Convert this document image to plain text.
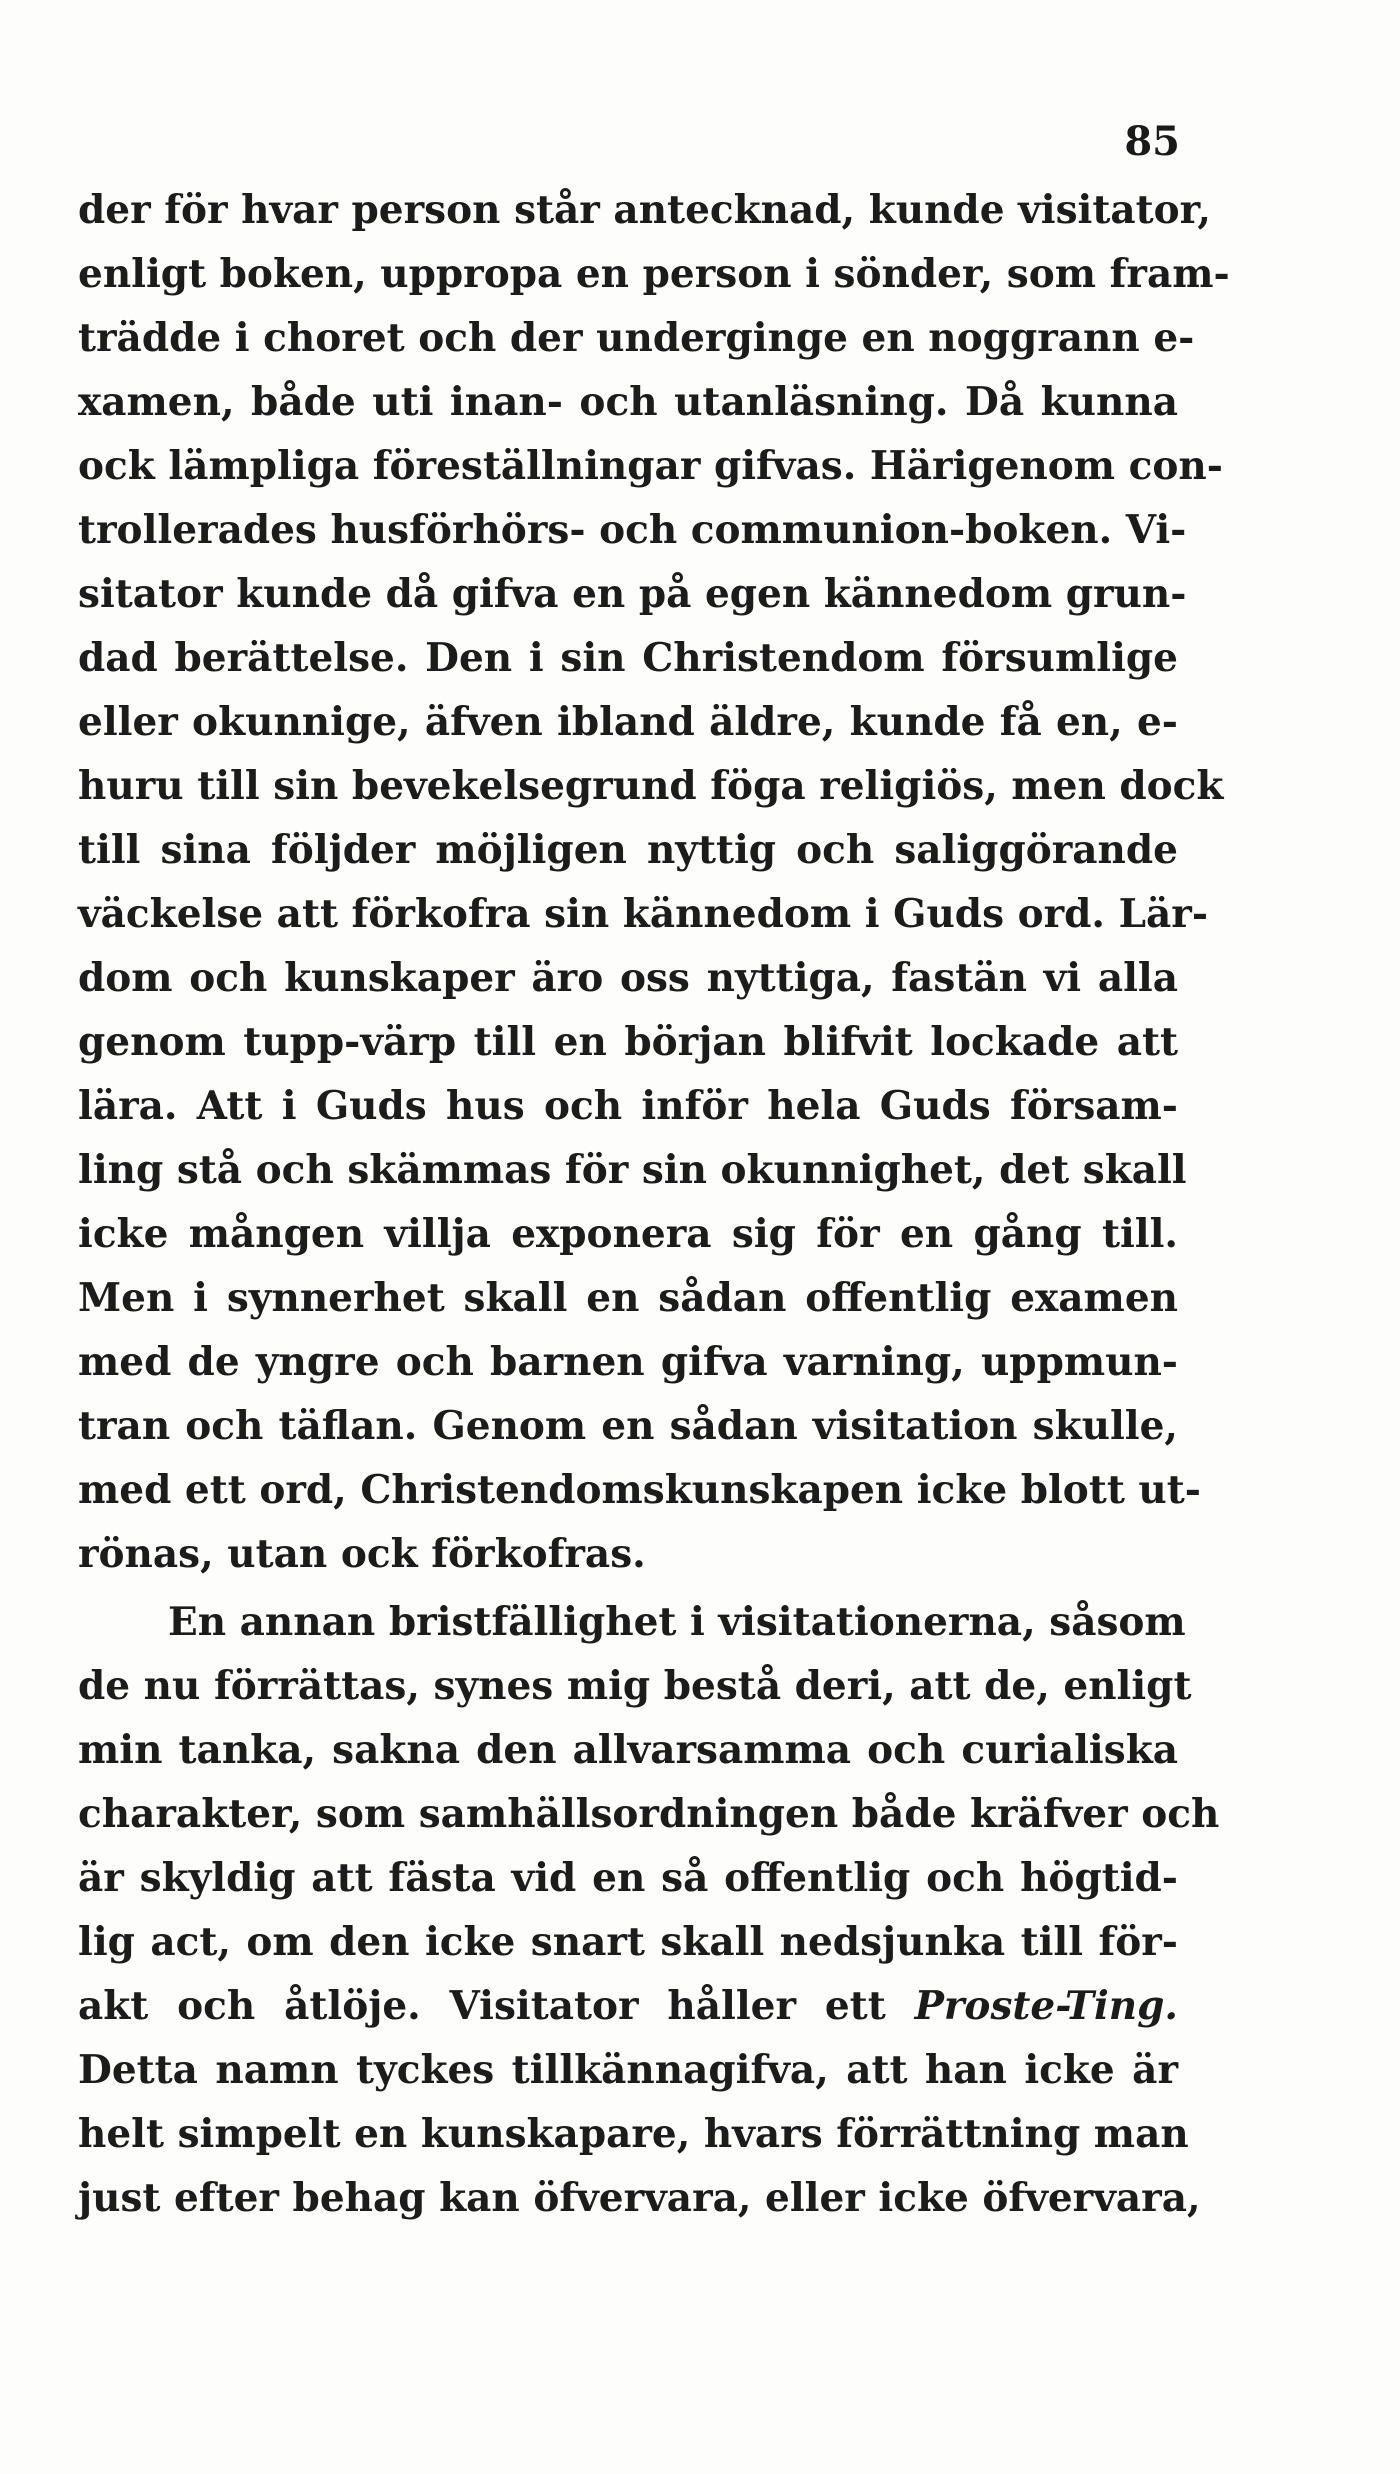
85
der för hvar person står antecknad, kunde visitator,
enligt boken, uppropa en person i sönder, som fram-
trädde i choret och der underginge en noggrann e-
xamen, både uti inan- och utanläsning. Då kunna
ock lämpliga föreställningar gifvas. Härigenom con-
trollerades husförhörs- och communion-boken. Vi-
sitator kunde då gifva en på egen kännedom grun-
dad berättelse. Den i sin Christendom försumlige
eller okunnige, äfven ibland äldre, kunde få en, e-
huru till sin bevekelsegrund föga religiös, men dock
till sina följder möjligen nyttig och saliggörande
väckelse att förkofra sin kännedom i Guds ord. Lär-
dom och kunskaper äro oss nyttiga, fastän vi alla
genom tupp-värp till en början blifvit lockade att
lära. Att i Guds hus och inför hela Guds försam-
ling stå och skämmas för sin okunnighet, det skall
icke mången villja exponera sig för en gång till.
Men i synnerhet skall en sådan offentlig examen
med de yngre och barnen gifva varning, uppmun-
tran och täflan. Genom en sådan visitation skulle,
med ett ord, Christendomskunskapen icke blott ut-
rönas, utan ock förkofras.
En annan bristfällighet i visitationerna, såsom
de nu förrättas, synes mig bestå deri, att de, enligt
min tanka, sakna den allvarsamma och curialiska
charakter, som samhällsordningen både kräfver och
är skyldig att fästa vid en så offentlig och högtid-
lig act, om den icke snart skall nedsjunka till för-
akt och åtlöje. Visitator håller ett Proste-Ting.
Detta namn tyckes tillkännagifva, att han icke är
helt simpelt en kunskapare, hvars förrättning man
just efter behag kan öfvervara, eller icke öfvervara,
